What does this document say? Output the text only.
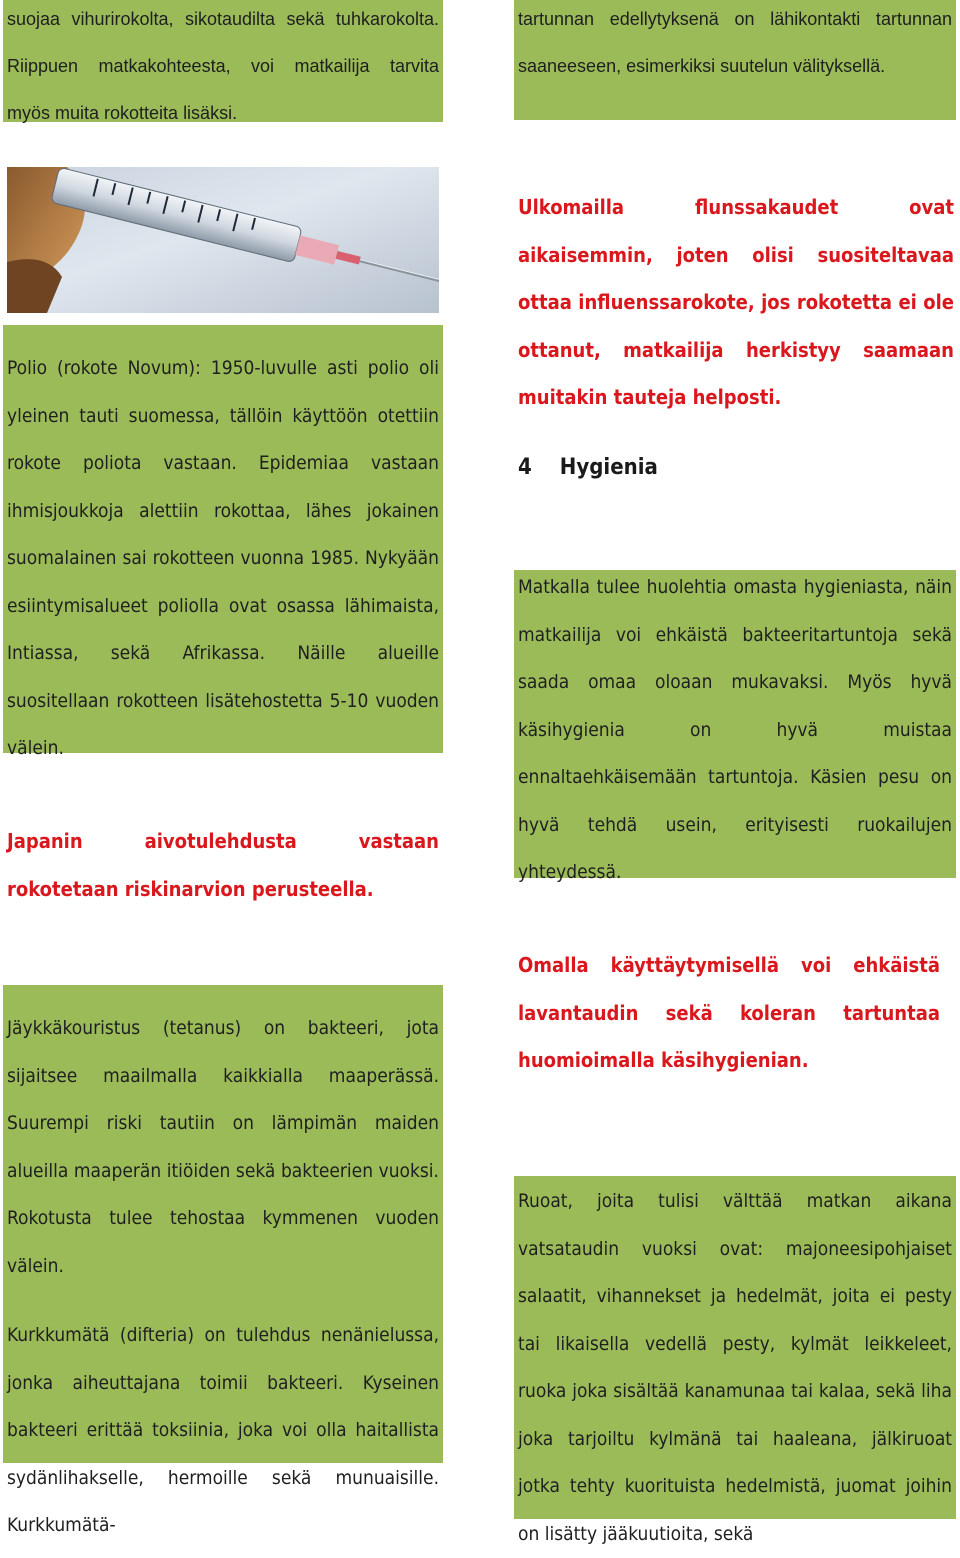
suojaa vihurirokolta, sikotaudilta sekä tuhkarokolta.

Riippuen matkakohteesta, voi matkailija tarvita

myös muita rokotteita lisäksi.

Polio (rokote Novum): 1950-luvulle asti polio oli yleinen tauti suomessa, tällöin käyttöön otettiin rokote poliota vastaan. Epidemiaa vastaan ihmisjoukkoja alettiin rokottaa, lähes jokainen suomalainen sai rokotteen vuonna 1985. Nykyään esiintymisalueet poliolla ovat osassa lähimaista, Intiassa, sekä Afrikassa. Näille alueille suositellaan rokotteen lisätehostetta 5-10 vuoden välein.

Japanin aivotulehdusta vastaan rokotetaan riskinarvion perusteella.

Jäykkäkouristus (tetanus) on bakteeri, jota sijaitsee maailmalla kaikkialla maaperässä. Suurempi riski tautiin on lämpimän maiden alueilla maaperän itiöiden sekä bakteerien vuoksi. Rokotusta tulee tehostaa kymmenen vuoden välein.

Kurkkumätä (difteria) on tulehdus nenänielussa, jonka aiheuttajana toimii bakteeri. Kyseinen bakteeri erittää toksiinia, joka voi olla haitallista sydänlihakselle, hermoille sekä munuaisille. Kurkkumätä-

tartunnan edellytyksenä on lähikontakti tartunnan

saaneeseen, esimerkiksi suutelun välityksellä.

Ulkomailla flunssakaudet ovat aikaisemmin, joten olisi suositeltavaa ottaa influenssarokote, jos rokotetta ei ole ottanut, matkailija herkistyy saamaan muitakin tauteja helposti.

4 Hygienia

Matkalla tulee huolehtia omasta hygieniasta, näin matkailija voi ehkäistä bakteeritartuntoja sekä saada omaa oloaan mukavaksi. Myös hyvä käsihygienia on hyvä muistaa ennaltaehkäisemään tartuntoja. Käsien pesu on hyvä tehdä usein, erityisesti ruokailujen yhteydessä.

Omalla käyttäytymisellä voi ehkäistä lavantaudin sekä koleran tartuntaa huomioimalla käsihygienian.

Ruoat, joita tulisi välttää matkan aikana vatsataudin vuoksi ovat: majoneesipohjaiset salaatit, vihannekset ja hedelmät, joita ei pesty tai likaisella vedellä pesty, kylmät leikkeleet, ruoka joka sisältää kanamunaa tai kalaa, sekä liha joka tarjoiltu kylmänä tai haaleana, jälkiruoat jotka tehty kuorituista hedelmistä, juomat joihin on lisätty jääkuutioita, sekä
